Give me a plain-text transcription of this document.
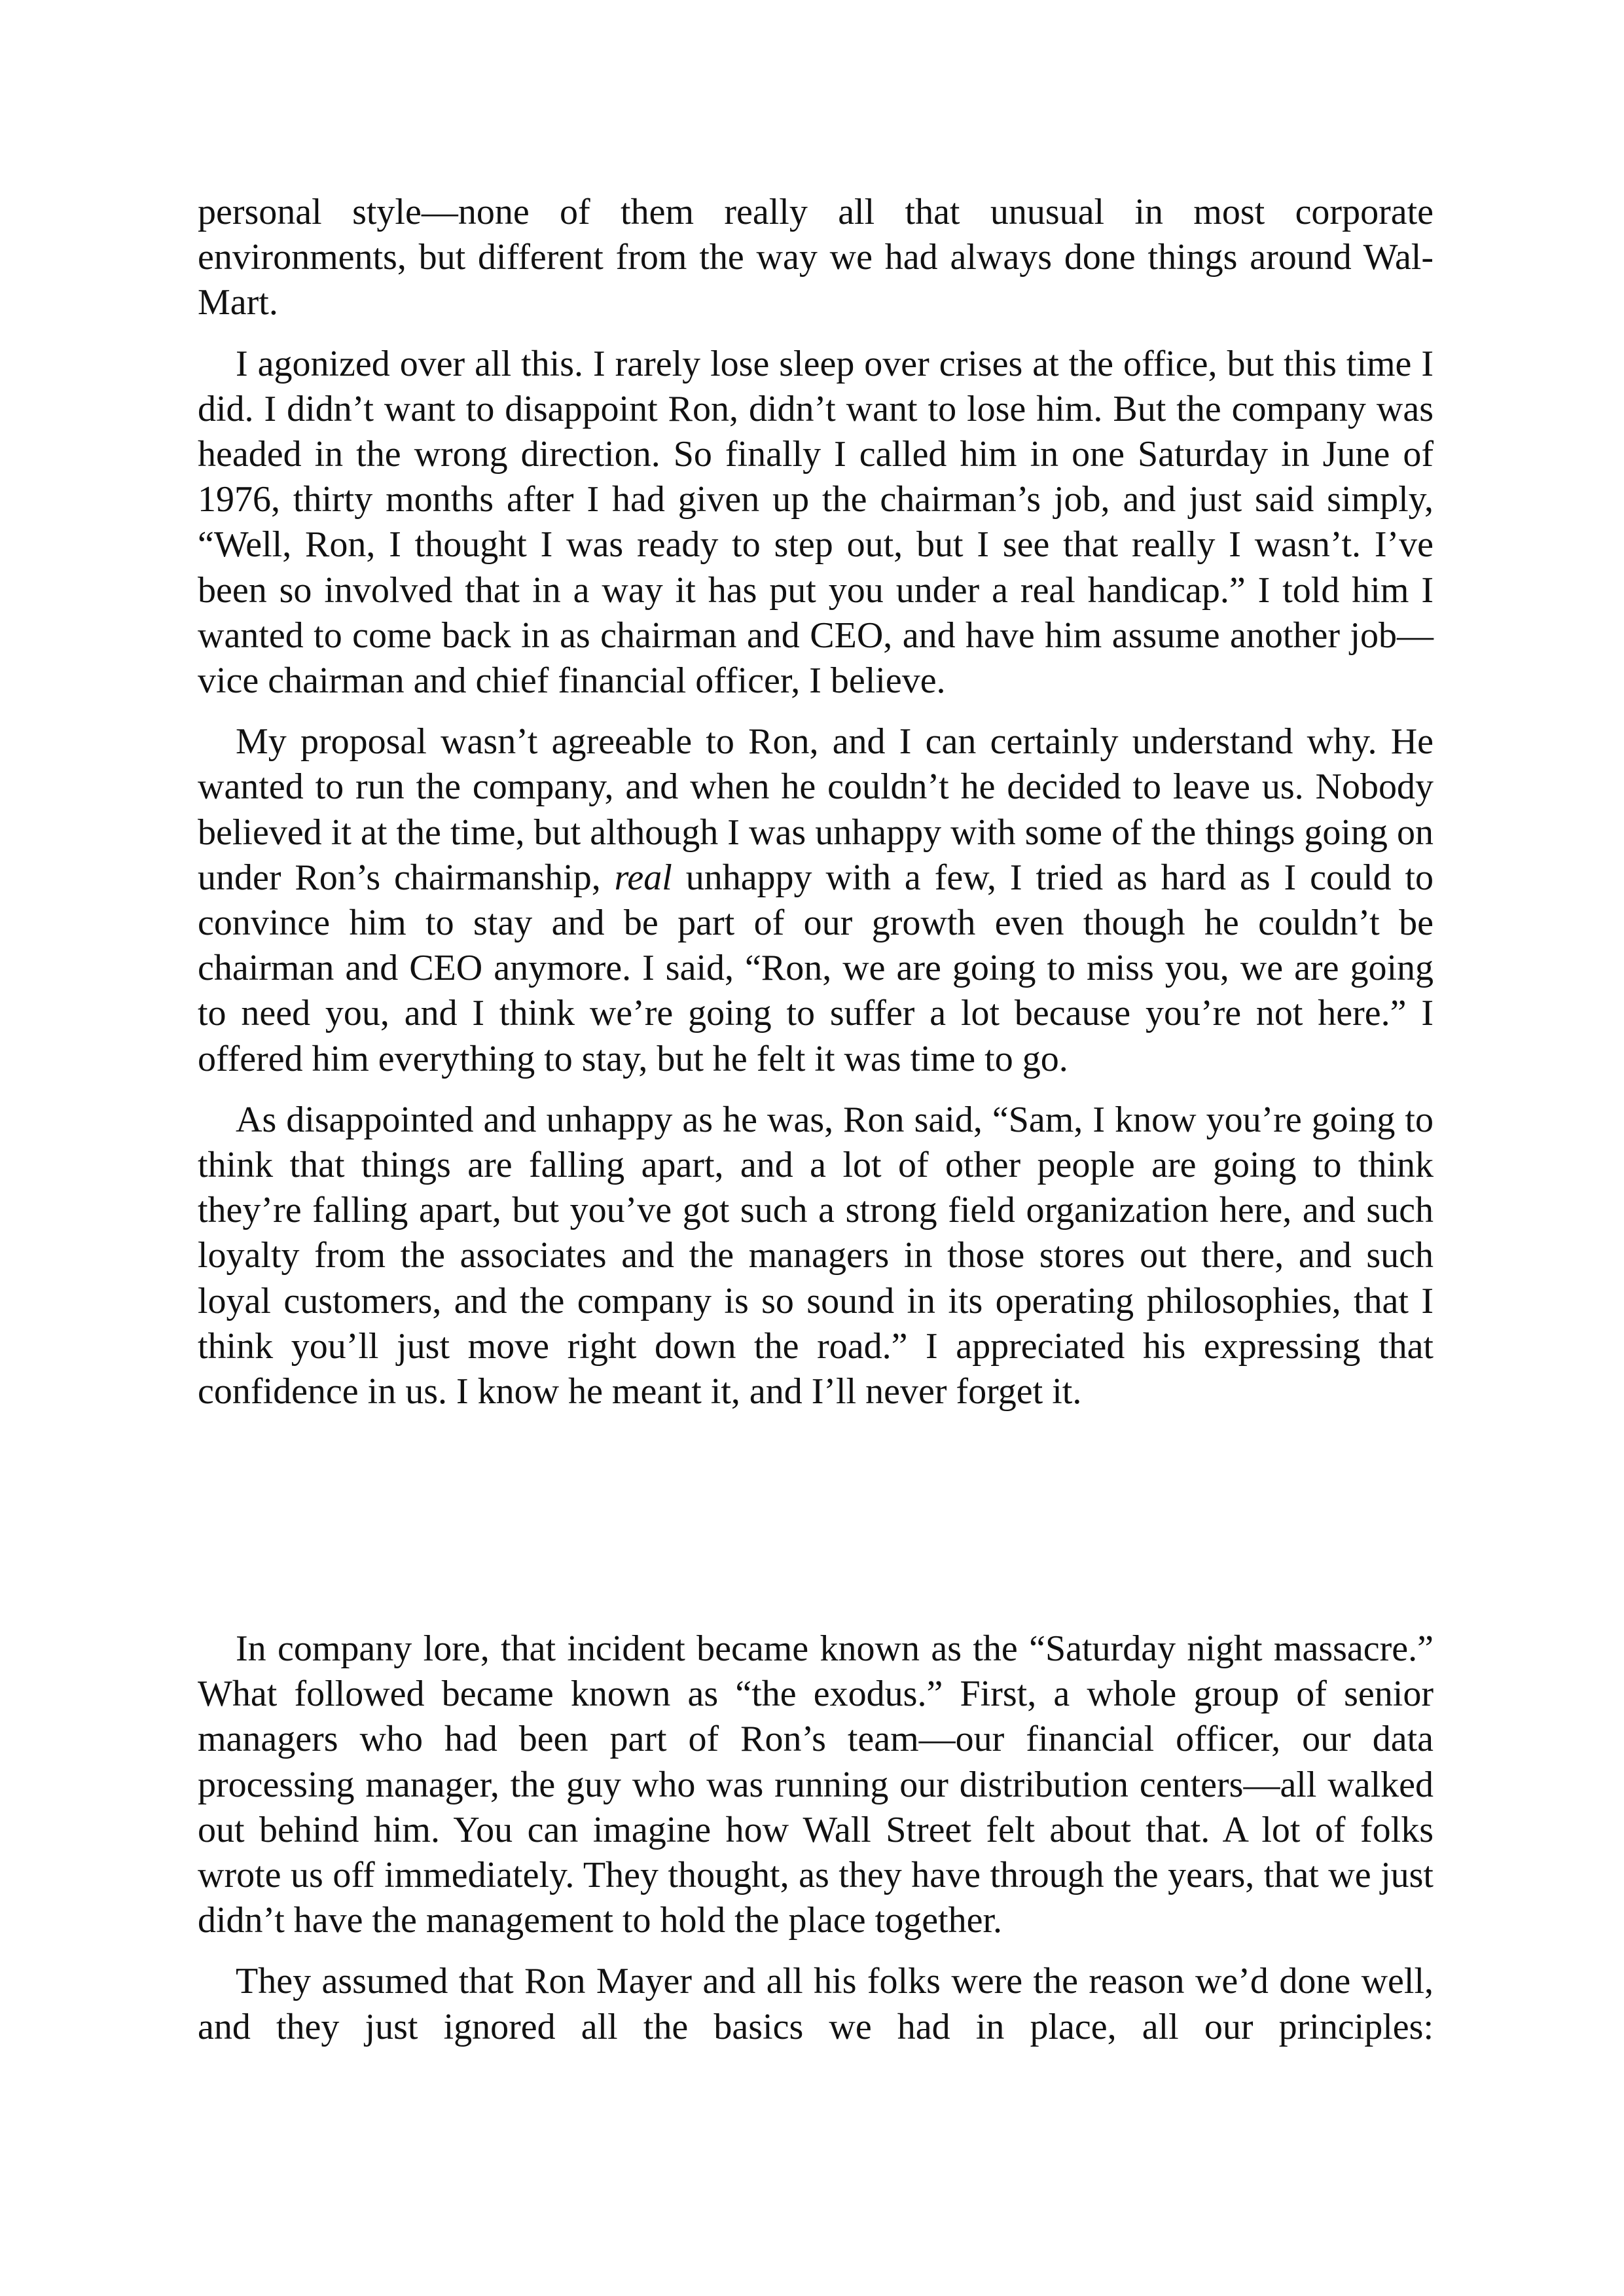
personal style—none of them really all that unusual in most corporate environments, but different from the way we had always done things around Wal-Mart.

I agonized over all this. I rarely lose sleep over crises at the office, but this time I did. I didn’t want to disappoint Ron, didn’t want to lose him. But the company was headed in the wrong direction. So finally I called him in one Saturday in June of 1976, thirty months after I had given up the chairman’s job, and just said simply, “Well, Ron, I thought I was ready to step out, but I see that really I wasn’t. I’ve been so involved that in a way it has put you under a real handicap.” I told him I wanted to come back in as chairman and CEO, and have him assume another job—vice chairman and chief financial officer, I believe.

My proposal wasn’t agreeable to Ron, and I can certainly understand why. He wanted to run the company, and when he couldn’t he decided to leave us. Nobody believed it at the time, but although I was unhappy with some of the things going on under Ron’s chairmanship, real unhappy with a few, I tried as hard as I could to convince him to stay and be part of our growth even though he couldn’t be chairman and CEO anymore. I said, “Ron, we are going to miss you, we are going to need you, and I think we’re going to suffer a lot because you’re not here.” I offered him everything to stay, but he felt it was time to go.

As disappointed and unhappy as he was, Ron said, “Sam, I know you’re going to think that things are falling apart, and a lot of other people are going to think they’re falling apart, but you’ve got such a strong field organization here, and such loyalty from the associates and the managers in those stores out there, and such loyal customers, and the company is so sound in its operating philosophies, that I think you’ll just move right down the road.” I appreciated his expressing that confidence in us. I know he meant it, and I’ll never forget it.

In company lore, that incident became known as the “Saturday night massacre.” What followed became known as “the exodus.” First, a whole group of senior managers who had been part of Ron’s team—our financial officer, our data processing manager, the guy who was running our distribution centers—all walked out behind him. You can imagine how Wall Street felt about that. A lot of folks wrote us off immediately. They thought, as they have through the years, that we just didn’t have the management to hold the place together.

They assumed that Ron Mayer and all his folks were the reason we’d done well, and they just ignored all the basics we had in place, all our principles:
